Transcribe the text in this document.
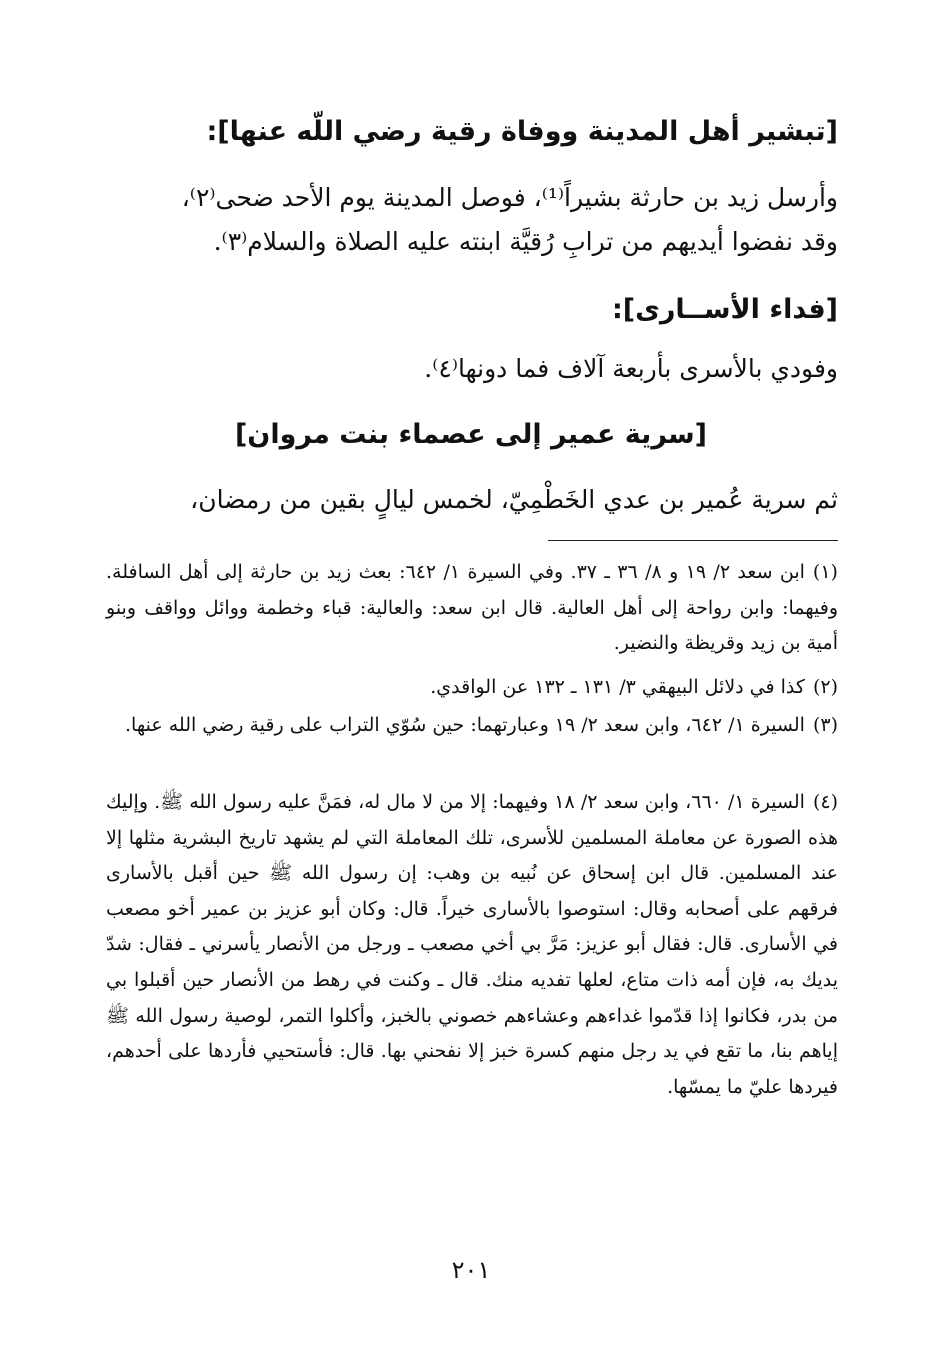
[تبشير أهل المدينة ووفاة رقية رضي اللّه عنها]:
وأرسل زيد بن حارثة بشيراً⁽¹⁾، فوصل المدينة يوم الأحد ضحى⁽٢⁾،
وقد نفضوا أيديهم من ترابِ رُقيَّة ابنته عليه الصلاة والسلام⁽٣⁾.
[فداء الأســارى]:
وفودي بالأسرى بأربعة آلاف فما دونها⁽٤⁾.
[سرية عمير إلى عصماء بنت مروان]
ثم سرية عُمير بن عدي الخَطْمِيّ، لخمس ليالٍ بقين من رمضان،
(١)ابن سعد ٢/ ١٩ و ٨/ ٣٦ ـ ٣٧. وفي السيرة ١/ ٦٤٢: بعث زيد بن حارثة إلى أهل السافلة. وفيهما: وابن رواحة إلى أهل العالية. قال ابن سعد: والعالية: قباء وخطمة ووائل وواقف وبنو أمية بن زيد وقريظة والنضير.
(٢)كذا في دلائل البيهقي ٣/ ١٣١ ـ ١٣٢ عن الواقدي.
(٣)السيرة ١/ ٦٤٢، وابن سعد ٢/ ١٩ وعبارتهما: حين سُوّي التراب على رقية رضي الله عنها.
(٤)السيرة ١/ ٦٦٠، وابن سعد ٢/ ١٨ وفيهما: إلا من لا مال له، فمَنَّ عليه رسول الله ﷺ. وإليك هذه الصورة عن معاملة المسلمين للأسرى، تلك المعاملة التي لم يشهد تاريخ البشرية مثلها إلا عند المسلمين. قال ابن إسحاق عن نُبيه بن وهب: إن رسول الله ﷺ حين أقبل بالأسارى فرقهم على أصحابه وقال: استوصوا بالأسارى خيراً. قال: وكان أبو عزيز بن عمير أخو مصعب في الأسارى. قال: فقال أبو عزيز: مَرَّ بي أخي مصعب ـ ورجل من الأنصار يأسرني ـ فقال: شدّ يديك به، فإن أمه ذات متاع، لعلها تفديه منك. قال ـ وكنت في رهط من الأنصار حين أقبلوا بي من بدر، فكانوا إذا قدّموا غداءهم وعشاءهم خصوني بالخبز، وأكلوا التمر، لوصية رسول الله ﷺ إياهم بنا، ما تقع في يد رجل منهم كسرة خبز إلا نفحني بها. قال: فأستحيي فأردها على أحدهم، فيردها عليّ ما يمسّها.
٢٠١
